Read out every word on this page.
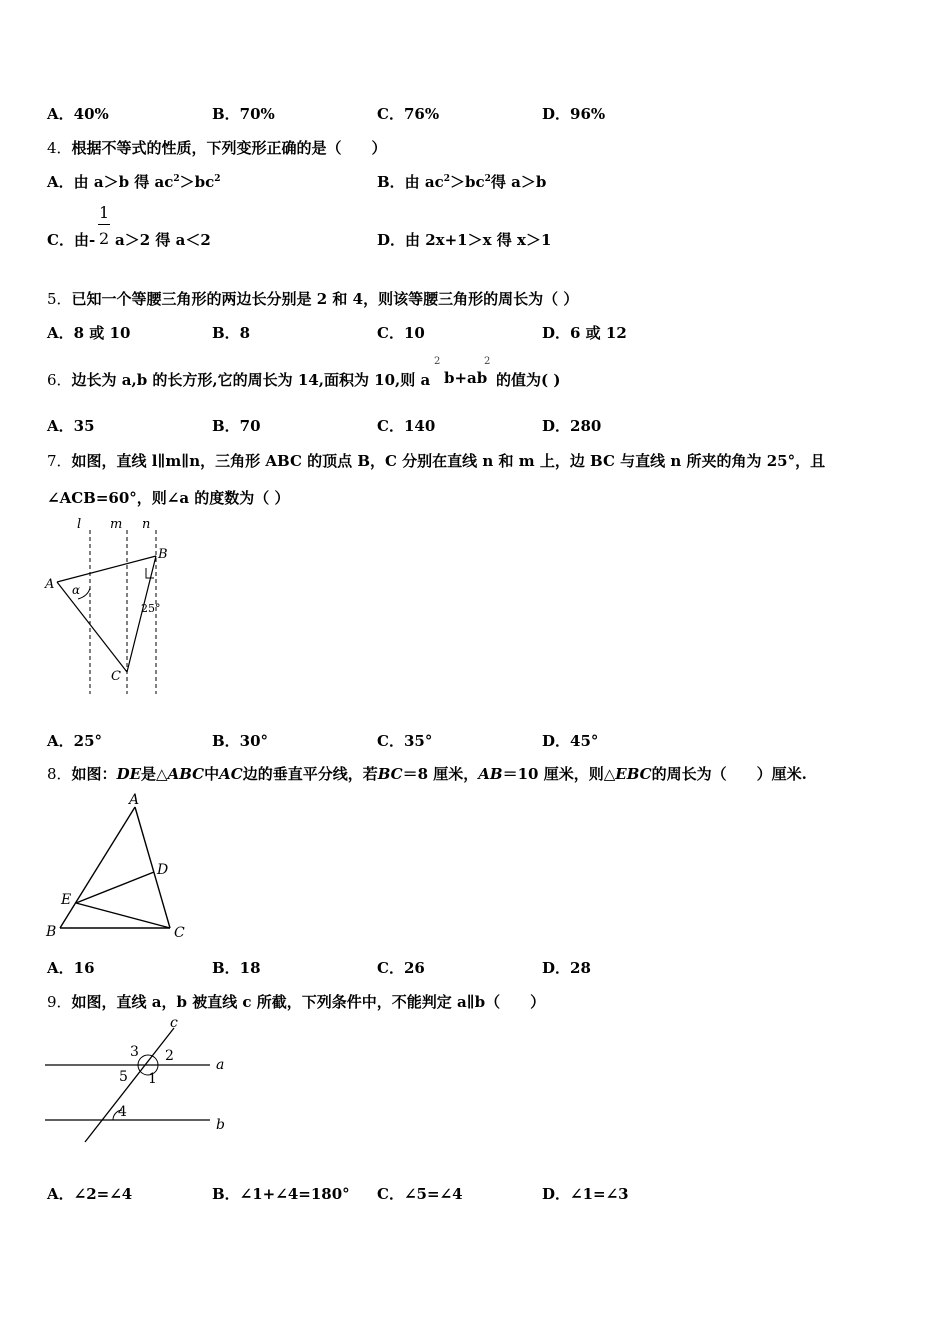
A．40%	B．70%	C．76%	D．96%
4．根据不等式的性质，下列变形正确的是（　　）
A．由 a＞b 得 $ac^2>bc^2$	B．由 $ac^2>bc^2$得 a＞b
C．由-
1
2 a＞2 得 a＜2	D．由 2x+1＞x 得 x＞1
5．已知一个等腰三角形的两边长分别是 2 和 4，则该等腰三角形的周长为（ ）
A．8 或 10	B．8	C．10	D．6 或 12
6．边长为 a,b 的长方形,它的周长为 14,面积为 10,则 a
2
b+ab
2
的值为( )
A．35	B．70	C．140	D．280
7．如图，直线 l∥m∥n，三角形 ABC 的顶点 B，C 分别在直线 n 和 m 上，边 BC 与直线 n 所夹的角为 25°，且
∠ACB=60°，则∠a 的度数为（ ）
l m n
A
B
C
α
25°
A．25°	B．30°	C．35°	D．45°
8．如图：DE是△ABC中AC边的垂直平分线，若BC＝8 厘米，AB＝10 厘米，则△EBC的周长为（　　）厘米.
A
B	C
D
E
A．16	B．18	C．26	D．28
9．如图，直线 a，b 被直线 c 所截，下列条件中，不能判定 a∥b（　　）
c
a
b
3 2
5 1
4
A．∠2=∠4	B．∠1+∠4=180° C．∠5=∠4	D．∠1=∠3
